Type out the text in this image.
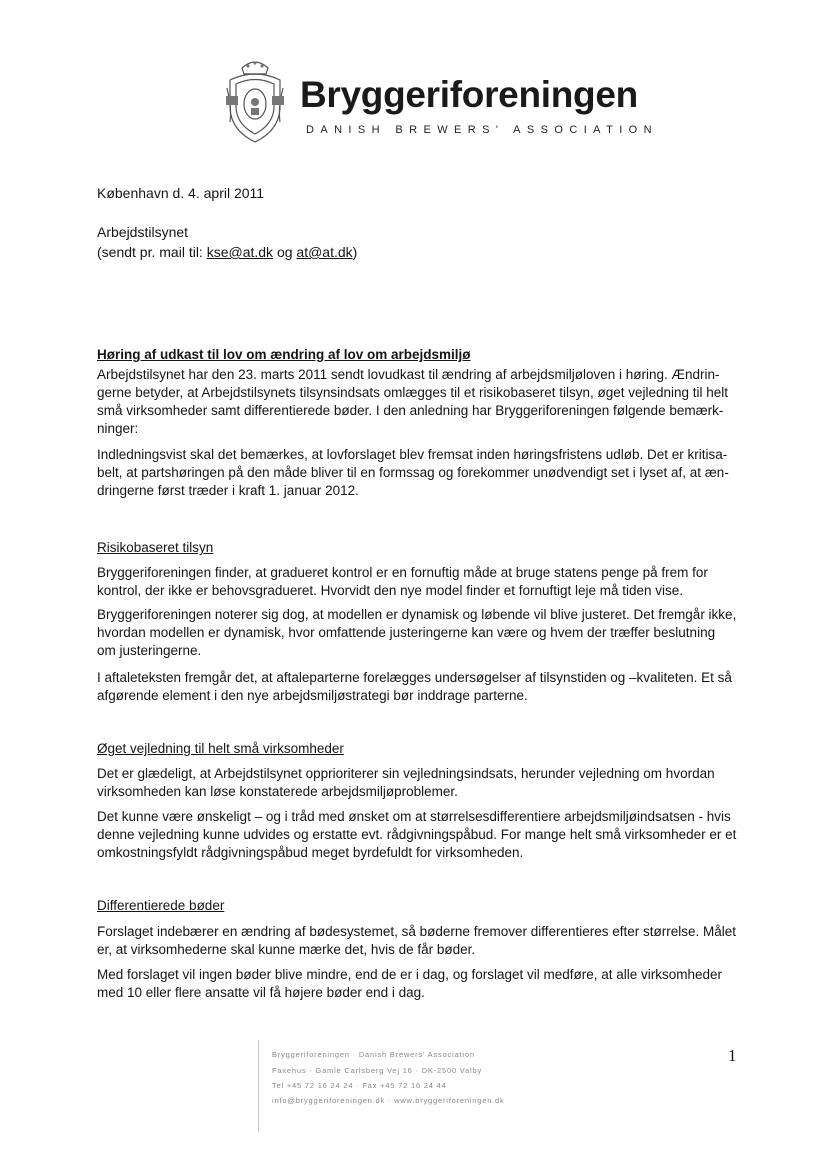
Bryggeriforeningen
DANISH BREWERS' ASSOCIATION
København d. 4. april 2011
Arbejdstilsynet
(sendt pr. mail til: kse@at.dk og at@at.dk)
Høring af udkast til lov om ændring af lov om arbejdsmiljø

Arbejdstilsynet har den 23. marts 2011 sendt lovudkast til ændring af arbejdsmiljøloven i høring. Ændrin-

gerne betyder, at Arbejdstilsynets tilsynsindsats omlægges til et risikobaseret tilsyn, øget vejledning til helt

små virksomheder samt differentierede bøder. I den anledning har Bryggeriforeningen følgende bemærk-

ninger:

Indledningsvist skal det bemærkes, at lovforslaget blev fremsat inden høringsfristens udløb. Det er kritisa-

belt, at partshøringen på den måde bliver til en formssag og forekommer unødvendigt set i lyset af, at æn-

dringerne først træder i kraft 1. januar 2012.

Risikobaseret tilsyn

Bryggeriforeningen finder, at gradueret kontrol er en fornuftig måde at bruge statens penge på frem for

kontrol, der ikke er behovsgradueret. Hvorvidt den nye model finder et fornuftigt leje må tiden vise.

Bryggeriforeningen noterer sig dog, at modellen er dynamisk og løbende vil blive justeret. Det fremgår ikke,

hvordan modellen er dynamisk, hvor omfattende justeringerne kan være og hvem der træffer beslutning

om justeringerne.

I aftaleteksten fremgår det, at aftaleparterne forelægges undersøgelser af tilsynstiden og –kvaliteten. Et så

afgørende element i den nye arbejdsmiljøstrategi bør inddrage parterne.

Øget vejledning til helt små virksomheder

Det er glædeligt, at Arbejdstilsynet opprioriterer sin vejledningsindsats, herunder vejledning om hvordan

virksomheden kan løse konstaterede arbejdsmiljøproblemer.

Det kunne være ønskeligt – og i tråd med ønsket om at størrelsesdifferentiere arbejdsmiljøindsatsen - hvis

denne vejledning kunne udvides og erstatte evt. rådgivningspåbud. For mange helt små virksomheder er et

omkostningsfyldt rådgivningspåbud meget byrdefuldt for virksomheden.

Differentierede bøder

Forslaget indebærer en ændring af bødesystemet, så bøderne fremover differentieres efter størrelse. Målet

er, at virksomhederne skal kunne mærke det, hvis de får bøder.

Med forslaget vil ingen bøder blive mindre, end de er i dag, og forslaget vil medføre, at alle virksomheder

med 10 eller flere ansatte vil få højere bøder end i dag.

Bryggeriforeningen · Danish Brewers' Association
Faxehus · Gamle Carlsberg Vej 16 · DK-2500 Valby
Tel +45 72 16 24 24 · Fax +45 72 16 24 44
info@bryggeriforeningen.dk · www.bryggeriforeningen.dk
1
